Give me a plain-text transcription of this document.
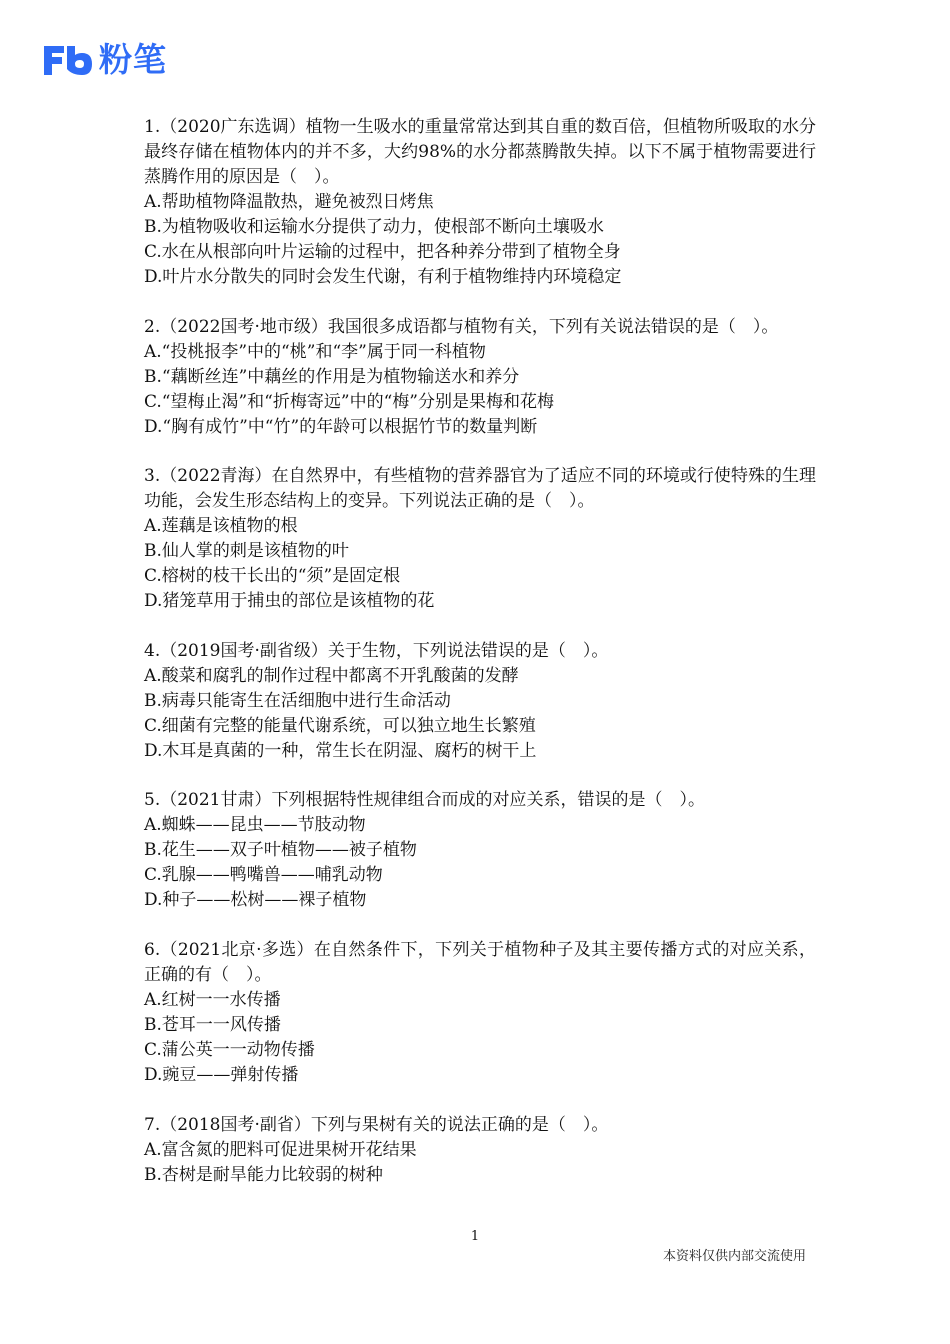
粉笔

1.（2020广东选调）植物一生吸水的重量常常达到其自重的数百倍，但植物所吸取的水分最终存储在植物体内的并不多，大约98%的水分都蒸腾散失掉。以下不属于植物需要进行蒸腾作用的原因是（　）。

A.帮助植物降温散热，避免被烈日烤焦

B.为植物吸收和运输水分提供了动力，使根部不断向土壤吸水

C.水在从根部向叶片运输的过程中，把各种养分带到了植物全身

D.叶片水分散失的同时会发生代谢，有利于植物维持内环境稳定

2.（2022国考·地市级）我国很多成语都与植物有关，下列有关说法错误的是（　）。

A.“投桃报李”中的“桃”和“李”属于同一科植物

B.“藕断丝连”中藕丝的作用是为植物输送水和养分

C.“望梅止渴”和“折梅寄远”中的“梅”分别是果梅和花梅

D.“胸有成竹”中“竹”的年龄可以根据竹节的数量判断

3.（2022青海）在自然界中，有些植物的营养器官为了适应不同的环境或行使特殊的生理功能，会发生形态结构上的变异。下列说法正确的是（　）。

A.莲藕是该植物的根

B.仙人掌的刺是该植物的叶

C.榕树的枝干长出的“须”是固定根

D.猪笼草用于捕虫的部位是该植物的花

4.（2019国考·副省级）关于生物，下列说法错误的是（　）。

A.酸菜和腐乳的制作过程中都离不开乳酸菌的发酵

B.病毒只能寄生在活细胞中进行生命活动

C.细菌有完整的能量代谢系统，可以独立地生长繁殖

D.木耳是真菌的一种，常生长在阴湿、腐朽的树干上

5.（2021甘肃）下列根据特性规律组合而成的对应关系，错误的是（　）。

A.蜘蛛——昆虫——节肢动物

B.花生——双子叶植物——被子植物

C.乳腺——鸭嘴兽——哺乳动物

D.种子——松树——裸子植物

6.（2021北京·多选）在自然条件下，下列关于植物种子及其主要传播方式的对应关系，正确的有（　）。

A.红树一一水传播

B.苍耳一一风传播

C.蒲公英一一动物传播

D.豌豆——弹射传播

7.（2018国考·副省）下列与果树有关的说法正确的是（　）。

A.富含氮的肥料可促进果树开花结果

B.杏树是耐旱能力比较弱的树种

1
本资料仅供内部交流使用
